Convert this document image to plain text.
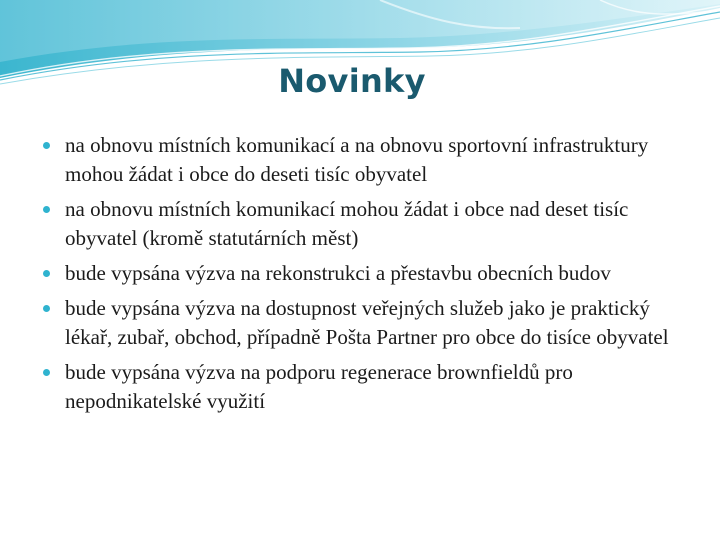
Novinky
na obnovu místních komunikací a na obnovu sportovní infrastruktury mohou žádat i obce do deseti tisíc obyvatel
na obnovu místních komunikací mohou žádat i obce nad deset tisíc obyvatel (kromě statutárních měst)
bude vypsána výzva na rekonstrukci a přestavbu obecních budov
bude vypsána výzva na dostupnost veřejných služeb jako je praktický lékař, zubař, obchod, případně Pošta Partner pro obce do tisíce obyvatel
bude vypsána výzva na podporu regenerace brownfieldů pro nepodnikatelské využití
